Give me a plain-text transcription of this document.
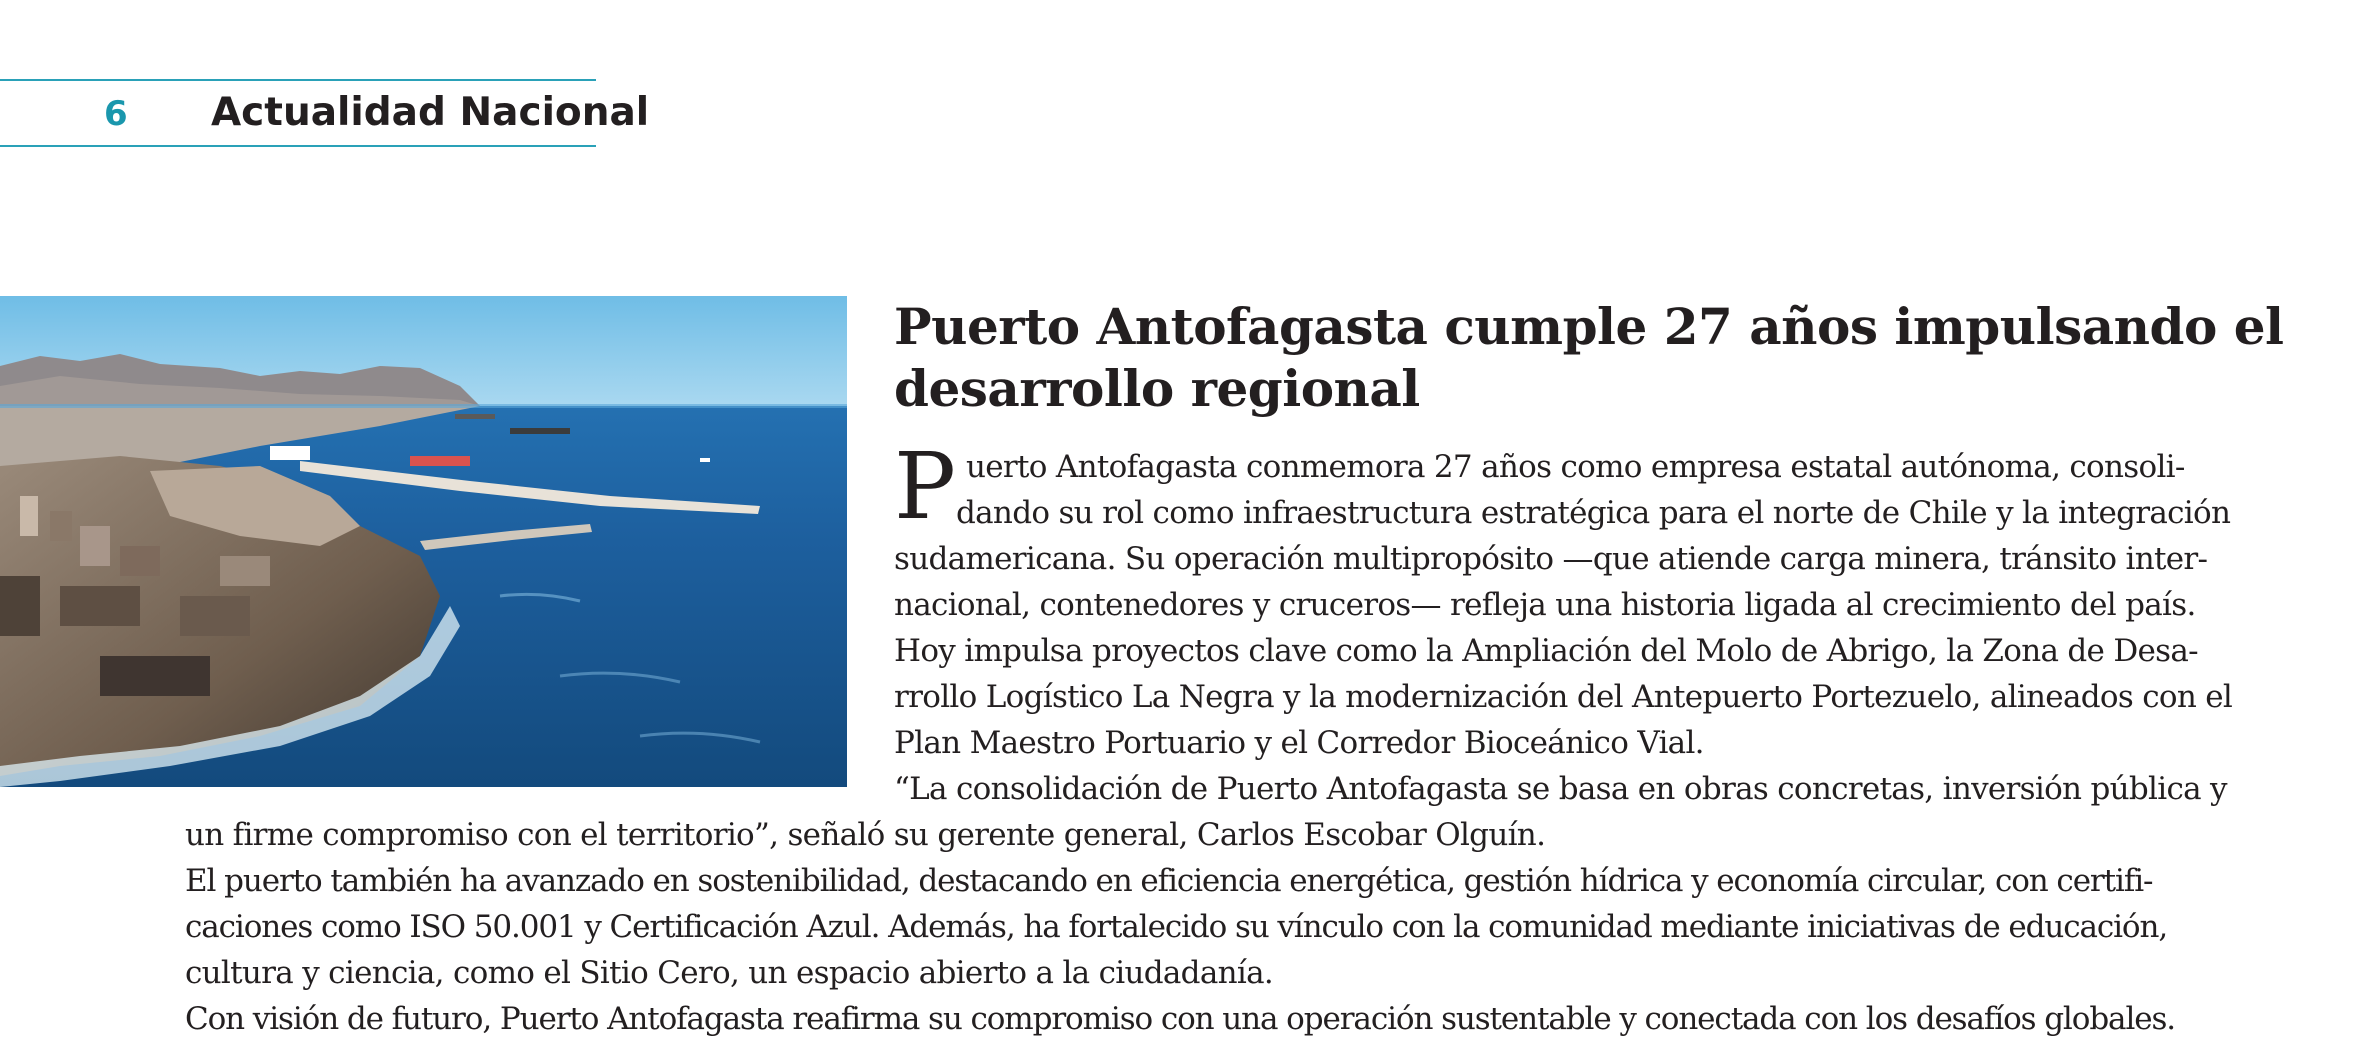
6 Actualidad Nacional
Puerto Antofagasta cumple 27 años impulsando el
desarrollo regional
P uerto Antofagasta conmemora 27 años como empresa estatal autónoma, consoli-
dando su rol como infraestructura estratégica para el norte de Chile y la integración
sudamericana. Su operación multipropósito —que atiende carga minera, tránsito inter-
nacional, contenedores y cruceros— refleja una historia ligada al crecimiento del país.
Hoy impulsa proyectos clave como la Ampliación del Molo de Abrigo, la Zona de Desa-
rrollo Logístico La Negra y la modernización del Antepuerto Portezuelo, alineados con el
Plan Maestro Portuario y el Corredor Bioceánico Vial.
“La consolidación de Puerto Antofagasta se basa en obras concretas, inversión pública y
un firme compromiso con el territorio”, señaló su gerente general, Carlos Escobar Olguín.
El puerto también ha avanzado en sostenibilidad, destacando en eficiencia energética, gestión hídrica y economía circular, con certifi-
caciones como ISO 50.001 y Certificación Azul. Además, ha fortalecido su vínculo con la comunidad mediante iniciativas de educación,
cultura y ciencia, como el Sitio Cero, un espacio abierto a la ciudadanía.
Con visión de futuro, Puerto Antofagasta reafirma su compromiso con una operación sustentable y conectada con los desafíos globales.
